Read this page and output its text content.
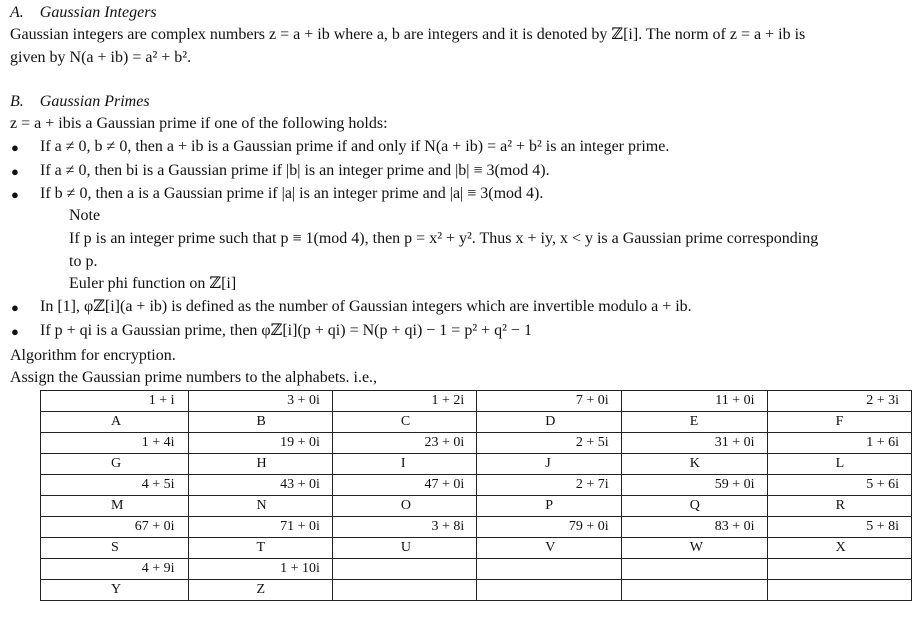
A. Gaussian Integers
Gaussian integers are complex numbers z = a + ib where a, b are integers and it is denoted by ℤ[i]. The norm of z = a + ib is
given by N(a + ib) = a² + b².
B. Gaussian Primes
z = a + ibis a Gaussian prime if one of the following holds:
● If a ≠ 0, b ≠ 0, then a + ib is a Gaussian prime if and only if N(a + ib) = a² + b² is an integer prime.
● If a ≠ 0, then bi is a Gaussian prime if |b| is an integer prime and |b| ≡ 3(mod 4).
● If b ≠ 0, then a is a Gaussian prime if |a| is an integer prime and |a| ≡ 3(mod 4).
Note
If p is an integer prime such that p ≡ 1(mod 4), then p = x² + y². Thus x + iy, x < y is a Gaussian prime corresponding
to p.
Euler phi function on ℤ[i]
● In [1], φℤ[i](a + ib) is defined as the number of Gaussian integers which are invertible modulo a + ib.
● If p + qi is a Gaussian prime, then φℤ[i](p + qi) = N(p + qi) − 1 = p² + q² − 1
Algorithm for encryption.
Assign the Gaussian prime numbers to the alphabets. i.e.,
1 + i	3 + 0i	1 + 2i	7 + 0i	11 + 0i	2 + 3i
A	B	C	D	E	F
1 + 4i	19 + 0i	23 + 0i	2 + 5i	31 + 0i	1 + 6i
G	H	I	J	K	L
4 + 5i	43 + 0i	47 + 0i	2 + 7i	59 + 0i	5 + 6i
M	N	O	P	Q	R
67 + 0i	71 + 0i	3 + 8i	79 + 0i	83 + 0i	5 + 8i
S	T	U	V	W	X
4 + 9i	1 + 10i				
Y	Z				
